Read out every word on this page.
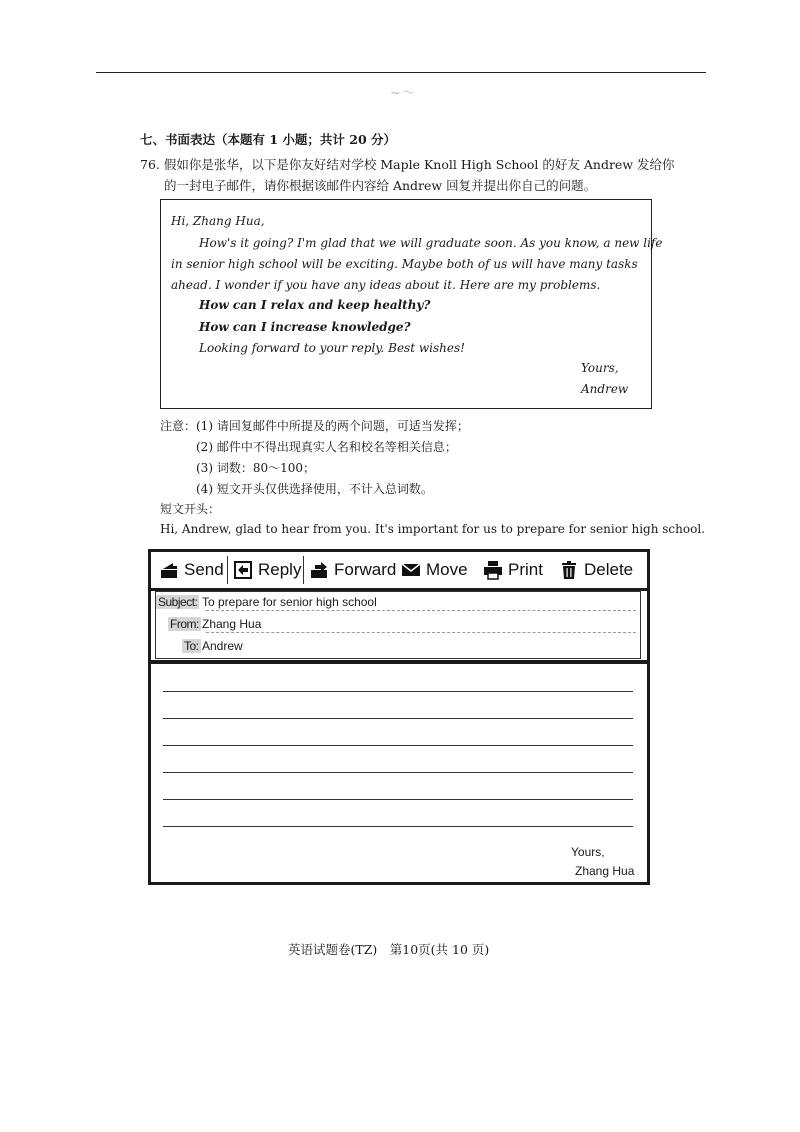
~〜
七、书面表达（本题有 1 小题；共计 20 分）
76. 假如你是张华，以下是你友好结对学校 Maple Knoll High School 的好友 Andrew 发给你
的一封电子邮件，请你根据该邮件内容给 Andrew 回复并提出你自己的问题。
Hi, Zhang Hua,
How's it going? I'm glad that we will graduate soon. As you know, a new life
in senior high school will be exciting. Maybe both of us will have many tasks
ahead. I wonder if you have any ideas about it. Here are my problems.
How can I relax and keep healthy?
How can I increase knowledge?
Looking forward to your reply. Best wishes!
Yours,
Andrew
注意：(1) 请回复邮件中所提及的两个问题，可适当发挥；
(2) 邮件中不得出现真实人名和校名等相关信息；
(3) 词数：80～100；
(4) 短文开头仅供选择使用，不计入总词数。
短文开头：
Hi, Andrew, glad to hear from you. It's important for us to prepare for senior high school.
Send Reply Forward Move Print Delete
Subject: To prepare for senior high school
From: Zhang Hua
To: Andrew
Yours,
Zhang Hua
英语试题卷(TZ)　第10页(共 10 页)
